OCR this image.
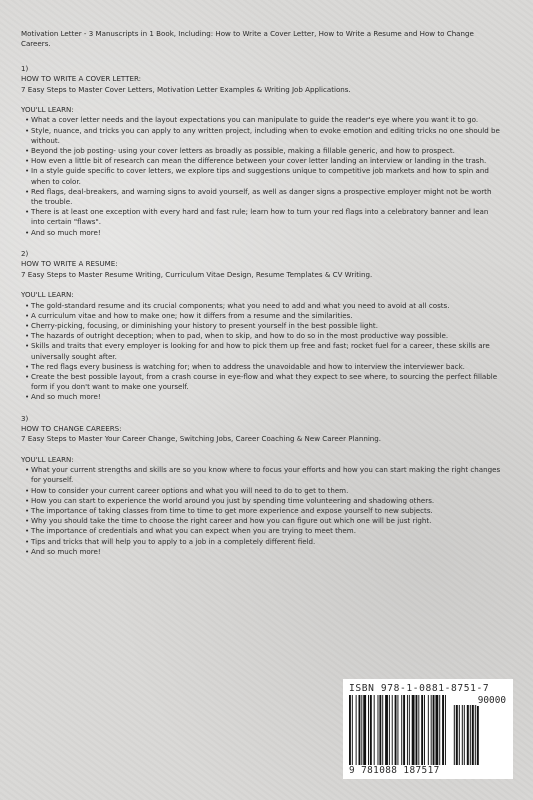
Motivation Letter - 3 Manuscripts in 1 Book, Including: How to Write a Cover Letter, How to Write a Resume and How to Change Careers.

1)

HOW TO WRITE A COVER LETTER:

7 Easy Steps to Master Cover Letters, Motivation Letter Examples & Writing Job Applications.

YOU'LL LEARN:

• What a cover letter needs and the layout expectations you can manipulate to guide the reader's eye where you want it to go.
• Style, nuance, and tricks you can apply to any written project, including when to evoke emotion and editing tricks no one should be without.
• Beyond the job posting- using your cover letters as broadly as possible, making a fillable generic, and how to prospect.
• How even a little bit of research can mean the difference between your cover letter landing an interview or landing in the trash.
• In a style guide specific to cover letters, we explore tips and suggestions unique to competitive job markets and how to spin and when to color.
• Red flags, deal-breakers, and warning signs to avoid yourself, as well as danger signs a prospective employer might not be worth the trouble.
• There is at least one exception with every hard and fast rule; learn how to turn your red flags into a celebratory banner and lean into certain "flaws".
• And so much more!

2)

HOW TO WRITE A RESUME:

7 Easy Steps to Master Resume Writing, Curriculum Vitae Design, Resume Templates & CV Writing.

YOU'LL LEARN:

• The gold-standard resume and its crucial components; what you need to add and what you need to avoid at all costs.
• A curriculum vitae and how to make one; how it differs from a resume and the similarities.
• Cherry-picking, focusing, or diminishing your history to present yourself in the best possible light.
• The hazards of outright deception; when to pad, when to skip, and how to do so in the most productive way possible.
• Skills and traits that every employer is looking for and how to pick them up free and fast; rocket fuel for a career, these skills are universally sought after.
• The red flags every business is watching for; when to address the unavoidable and how to interview the interviewer back.
• Create the best possible layout, from a crash course in eye-flow and what they expect to see where, to sourcing the perfect fillable form if you don't want to make one yourself.
• And so much more!

3)

HOW TO CHANGE CAREERS:

7 Easy Steps to Master Your Career Change, Switching Jobs, Career Coaching & New Career Planning.

YOU'LL LEARN:

• What your current strengths and skills are so you know where to focus your efforts and how you can start making the right changes for yourself.
• How to consider your current career options and what you will need to do to get to them.
• How you can start to experience the world around you just by spending time volunteering and shadowing others.
• The importance of taking classes from time to time to get more experience and expose yourself to new subjects.
• Why you should take the time to choose the right career and how you can figure out which one will be just right.
• The importance of credentials and what you can expect when you are trying to meet them.
• Tips and tricks that will help you to apply to a job in a completely different field.
• And so much more!

ISBN 978-1-0881-8751-7

90000
9 781088 187517
